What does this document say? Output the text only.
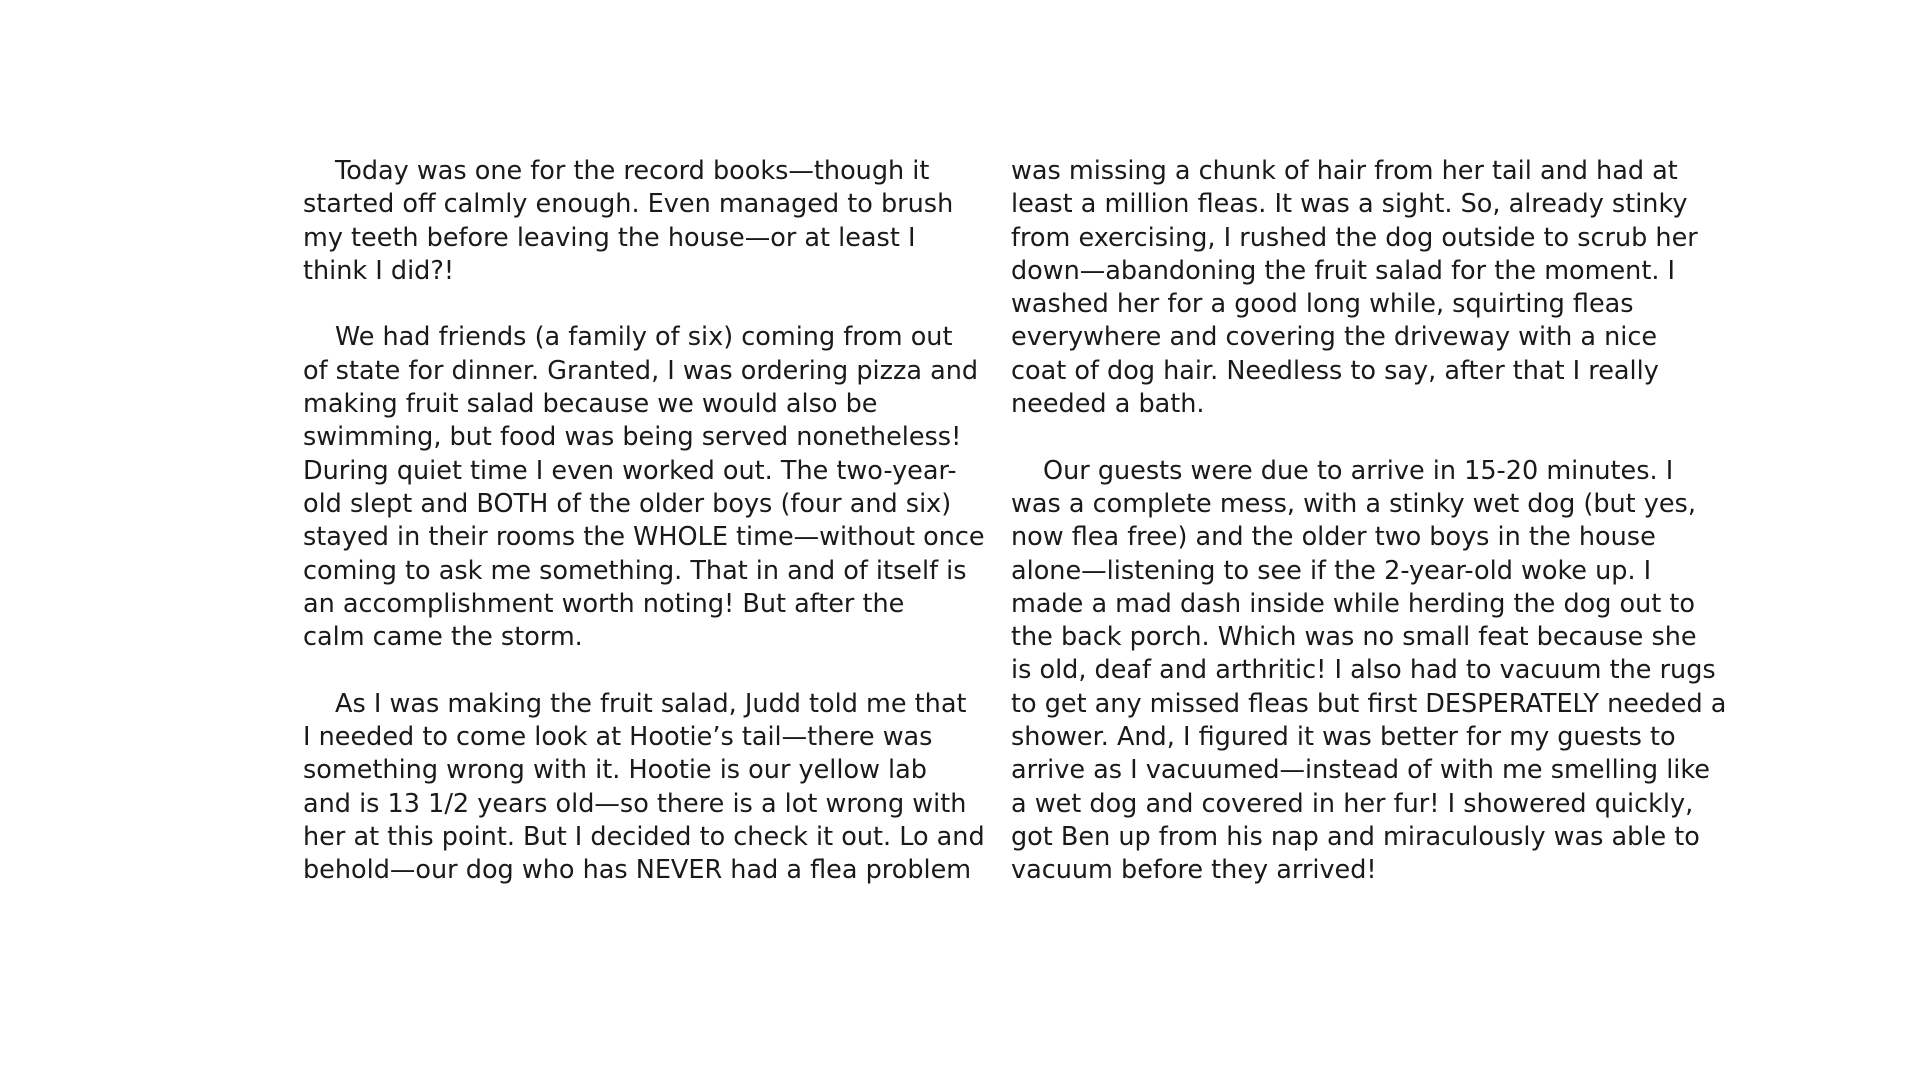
Today was one for the record books—though it
started off calmly enough. Even managed to brush
my teeth before leaving the house—or at least I
think I did?!

We had friends (a family of six) coming from out
of state for dinner. Granted, I was ordering pizza and
making fruit salad because we would also be
swimming, but food was being served nonetheless!
During quiet time I even worked out. The two-year-
old slept and BOTH of the older boys (four and six)
stayed in their rooms the WHOLE time—without once
coming to ask me something. That in and of itself is
an accomplishment worth noting! But after the
calm came the storm.

As I was making the fruit salad, Judd told me that
I needed to come look at Hootie’s tail—there was
something wrong with it. Hootie is our yellow lab
and is 13 1/2 years old—so there is a lot wrong with
her at this point. But I decided to check it out. Lo and
behold—our dog who has NEVER had a flea problem

was missing a chunk of hair from her tail and had at
least a million fleas. It was a sight. So, already stinky
from exercising, I rushed the dog outside to scrub her
down—abandoning the fruit salad for the moment. I
washed her for a good long while, squirting fleas
everywhere and covering the driveway with a nice
coat of dog hair. Needless to say, after that I really
needed a bath.

Our guests were due to arrive in 15-20 minutes. I
was a complete mess, with a stinky wet dog (but yes,
now flea free) and the older two boys in the house
alone—listening to see if the 2-year-old woke up. I
made a mad dash inside while herding the dog out to
the back porch. Which was no small feat because she
is old, deaf and arthritic! I also had to vacuum the rugs
to get any missed fleas but first DESPERATELY needed a
shower. And, I figured it was better for my guests to
arrive as I vacuumed—instead of with me smelling like
a wet dog and covered in her fur! I showered quickly,
got Ben up from his nap and miraculously was able to
vacuum before they arrived!
